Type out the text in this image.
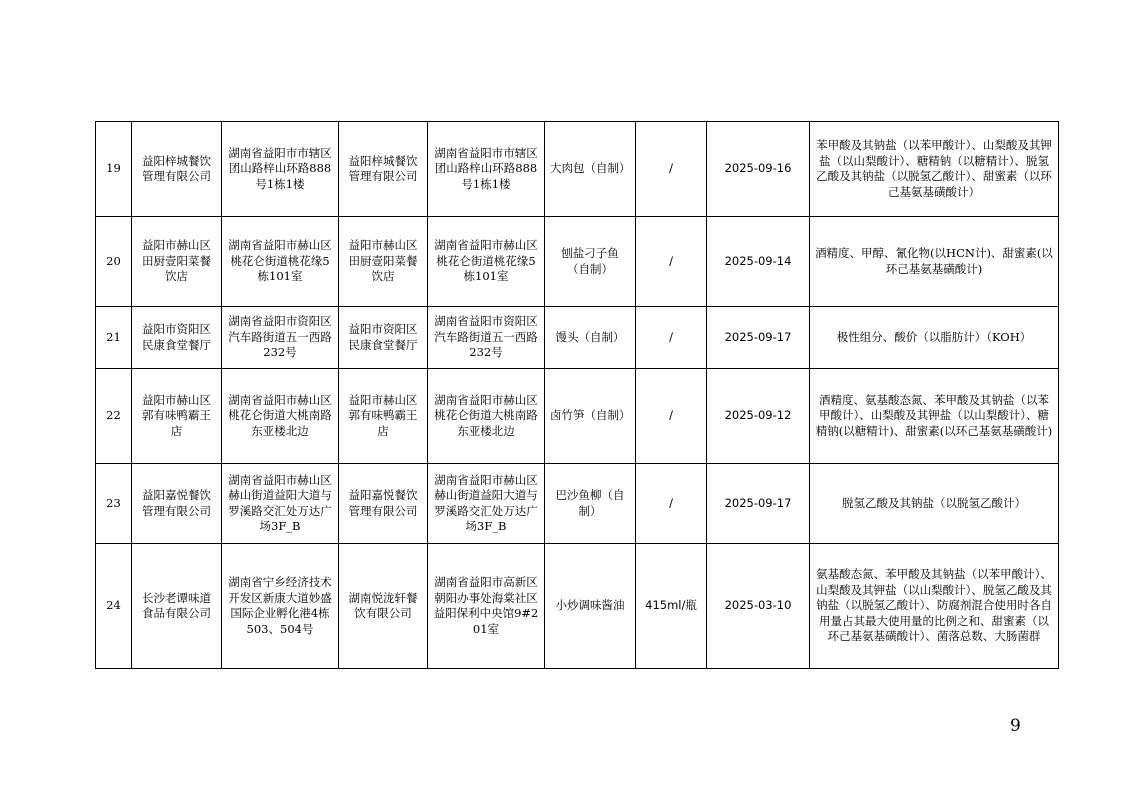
19	益阳梓城餐饮管理有限公司	湖南省益阳市市辖区团山路梓山环路888号1栋1楼	益阳梓城餐饮管理有限公司	湖南省益阳市市辖区团山路梓山环路888号1栋1楼	大肉包（自制）	/	2025-09-16	苯甲酸及其钠盐（以苯甲酸计）、山梨酸及其钾盐（以山梨酸计）、糖精钠（以糖精计）、脱氢乙酸及其钠盐（以脱氢乙酸计）、甜蜜素（以环己基氨基磺酸计）
20	益阳市赫山区田厨壹阳菜餐饮店	湖南省益阳市赫山区桃花仑街道桃花缘5栋101室	益阳市赫山区田厨壹阳菜餐饮店	湖南省益阳市赫山区桃花仑街道桃花缘5栋101室	刨盐刁子鱼（自制）	/	2025-09-14	酒精度、甲醇、氰化物(以HCN计)、甜蜜素(以环己基氨基磺酸计)
21	益阳市资阳区民康食堂餐厅	湖南省益阳市资阳区汽车路街道五一西路232号	益阳市资阳区民康食堂餐厅	湖南省益阳市资阳区汽车路街道五一西路232号	馒头（自制）	/	2025-09-17	极性组分、酸价（以脂肪计）（KOH）
22	益阳市赫山区郭有味鸭霸王店	湖南省益阳市赫山区桃花仑街道大桃南路东亚楼北边	益阳市赫山区郭有味鸭霸王店	湖南省益阳市赫山区桃花仑街道大桃南路东亚楼北边	卤竹笋（自制）	/	2025-09-12	酒精度、氨基酸态氮、苯甲酸及其钠盐（以苯甲酸计）、山梨酸及其钾盐（以山梨酸计）、糖精钠(以糖精计)、甜蜜素(以环己基氨基磺酸计)
23	益阳嘉悦餐饮管理有限公司	湖南省益阳市赫山区赫山街道益阳大道与罗溪路交汇处万达广场3F_B	益阳嘉悦餐饮管理有限公司	湖南省益阳市赫山区赫山街道益阳大道与罗溪路交汇处万达广场3F_B	巴沙鱼柳（自制）	/	2025-09-17	脱氢乙酸及其钠盐（以脱氢乙酸计）
24	长沙老谭味道食品有限公司	湖南省宁乡经济技术开发区新康大道妙盛国际企业孵化港4栋503、504号	湖南悦泷轩餐饮有限公司	湖南省益阳市高新区朝阳办事处海棠社区益阳保利中央馆9#201室	小炒调味酱油	415ml/瓶	2025-03-10	氨基酸态氮、苯甲酸及其钠盐（以苯甲酸计）、山梨酸及其钾盐（以山梨酸计）、脱氢乙酸及其钠盐（以脱氢乙酸计）、防腐剂混合使用时各自用量占其最大使用量的比例之和、甜蜜素（以环己基氨基磺酸计）、菌落总数、大肠菌群
9
